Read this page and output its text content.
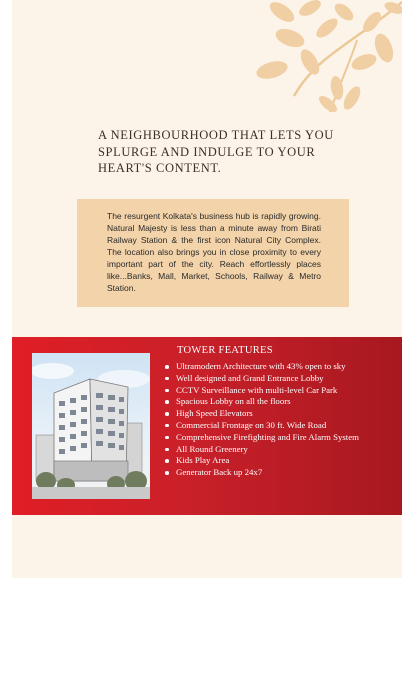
A NEIGHBOURHOOD THAT LETS YOU
SPLURGE AND INDULGE TO YOUR
HEART'S CONTENT.
The resurgent Kolkata's business hub is rapidly growing. Natural Majesty is less than a minute away from Birati Railway Station & the first icon Natural City Complex. The location also brings you in close proximity to every important part of the city. Reach effortlessly places like...Banks, Mall, Market, Schools, Railway & Metro Station.
TOWER FEATURES
Ultramodern Architecture with 43% open to sky
Well designed and Grand Entrance Lobby
CCTV Surveillance with multi-level Car Park
Spacious Lobby on all the floors
High Speed Elevators
Commercial Frontage on 30 ft. Wide Road
Comprehensive Firefighting and Fire Alarm System
All Round Greenery
Kids Play Area
Generator Back up 24x7
